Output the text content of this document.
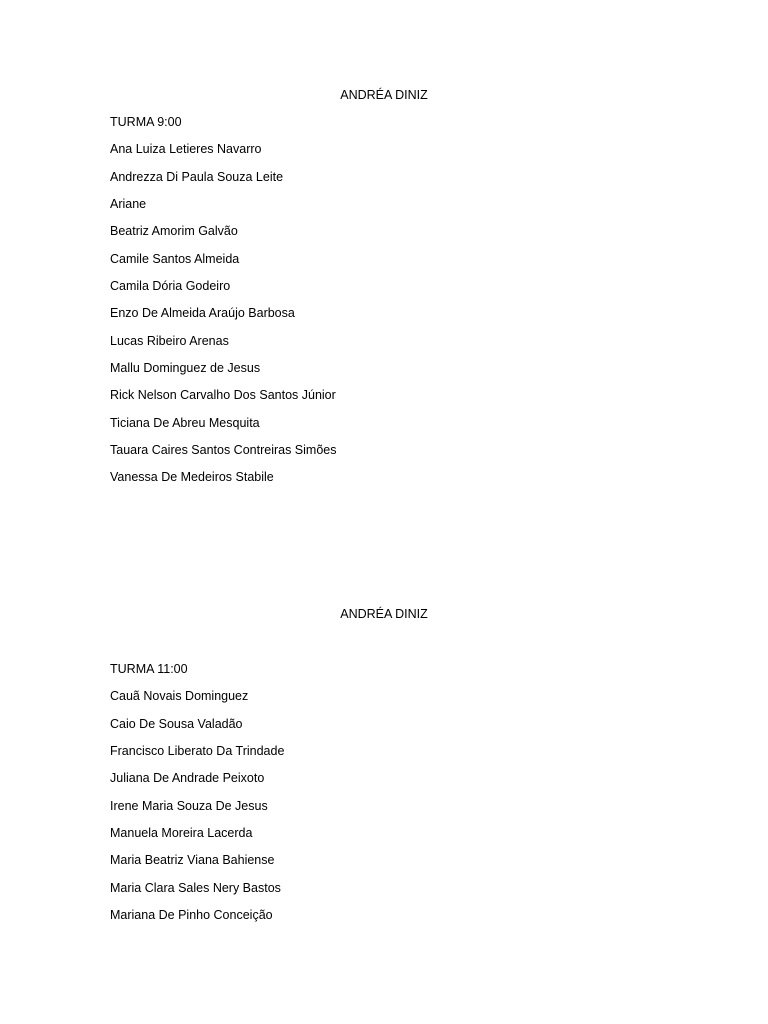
ANDRÉA DINIZ
TURMA 9:00
Ana Luiza Letieres Navarro
Andrezza Di Paula Souza Leite
Ariane
Beatriz Amorim Galvão
Camile Santos Almeida
Camila Dória Godeiro
Enzo De Almeida Araújo Barbosa
Lucas Ribeiro Arenas
Mallu Dominguez de Jesus
Rick Nelson Carvalho Dos Santos Júnior
Ticiana De Abreu Mesquita
Tauara Caires Santos Contreiras Simões
Vanessa De Medeiros Stabile
ANDRÉA DINIZ
TURMA 11:00
Cauã Novais Dominguez
Caio De Sousa Valadão
Francisco Liberato Da Trindade
Juliana De Andrade Peixoto
Irene Maria Souza De Jesus
Manuela Moreira Lacerda
Maria Beatriz Viana Bahiense
Maria Clara Sales Nery Bastos
Mariana De Pinho Conceição
